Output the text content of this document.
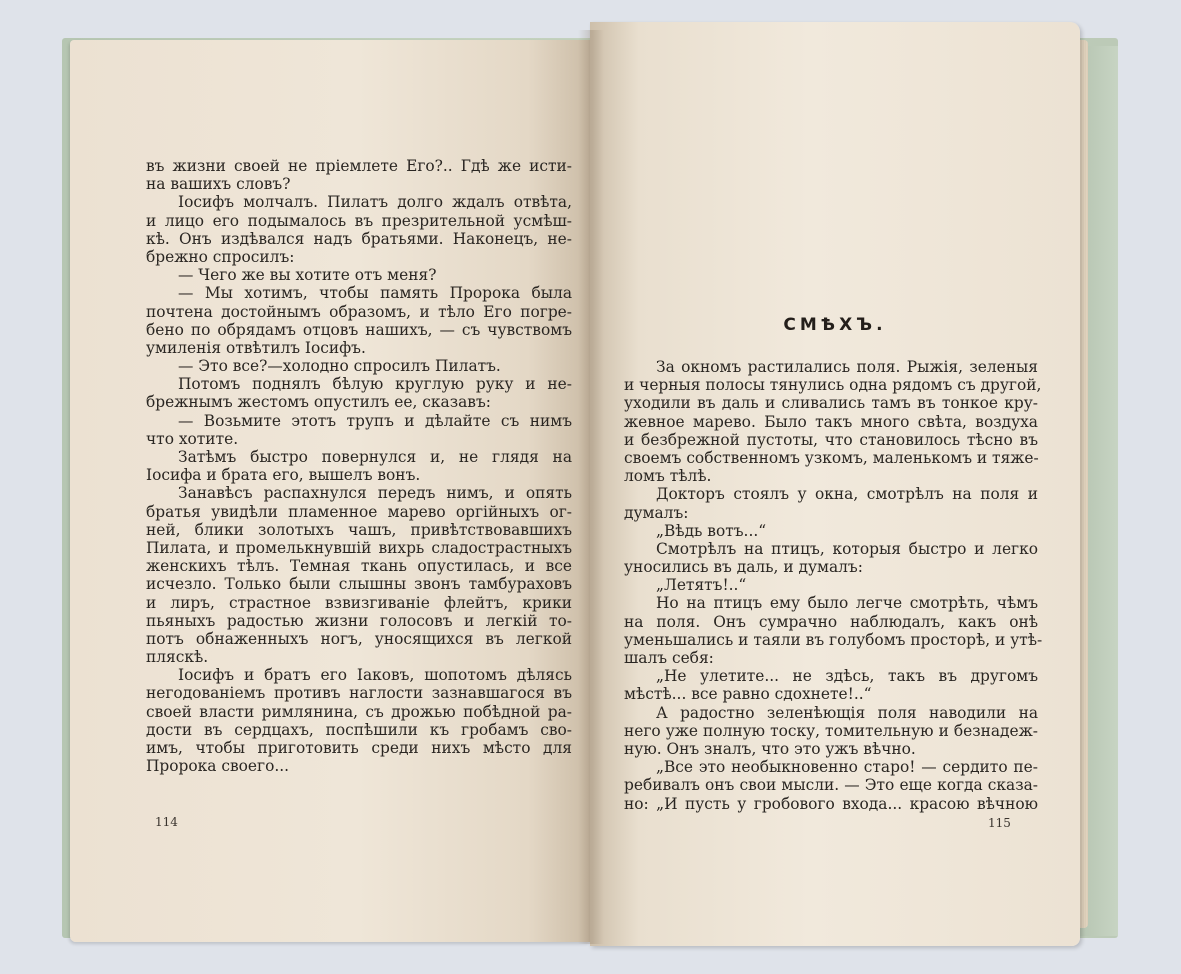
въ жизни своей не пріемлете Его?.. Гдѣ же исти-
на вашихъ словъ?
Іосифъ молчалъ. Пилатъ долго ждалъ отвѣта,
и лицо его подымалось въ презрительной усмѣш-
кѣ. Онъ издѣвался надъ братьями. Наконецъ, не-
брежно спросилъ:
— Чего же вы хотите отъ меня?
— Мы хотимъ, чтобы память Пророка была
почтена достойнымъ образомъ, и тѣло Его погре-
бено по обрядамъ отцовъ нашихъ, — съ чувствомъ
умиленія отвѣтилъ Іосифъ.
— Это все?—холодно спросилъ Пилатъ.
Потомъ поднялъ бѣлую круглую руку и не-
брежнымъ жестомъ опустилъ ее, сказавъ:
— Возьмите этотъ трупъ и дѣлайте съ нимъ
что хотите.
Затѣмъ быстро повернулся и, не глядя на
Іосифа и брата его, вышелъ вонъ.
Занавѣсъ распахнулся передъ нимъ, и опять
братья увидѣли пламенное марево оргійныхъ ог-
ней, блики золотыхъ чашъ, привѣтствовавшихъ
Пилата, и промелькнувшій вихрь сладострастныхъ
женскихъ тѣлъ. Темная ткань опустилась, и все
исчезло. Только были слышны звонъ тамбураховъ
и лиръ, страстное взвизгиваніе флейтъ, крики
пьяныхъ радостью жизни голосовъ и легкій то-
потъ обнаженныхъ ногъ, уносящихся въ легкой
пляскѣ.
Іосифъ и братъ его Іаковъ, шопотомъ дѣлясь
негодованіемъ противъ наглости зазнавшагося въ
своей власти римлянина, съ дрожью побѣдной ра-
дости въ сердцахъ, поспѣшили къ гробамъ сво-
имъ, чтобы приготовить среди нихъ мѣсто для
Пророка своего...
114
СМѢХЪ.
За окномъ растилались поля. Рыжія, зеленыя
и черныя полосы тянулись одна рядомъ съ другой,
уходили въ даль и сливались тамъ въ тонкое кру-
жевное марево. Было такъ много свѣта, воздуха
и безбрежной пустоты, что становилось тѣсно въ
своемъ собственномъ узкомъ, маленькомъ и тяже-
ломъ тѣлѣ.
Докторъ стоялъ у окна, смотрѣлъ на поля и
думалъ:
„Вѣдь вотъ...“
Смотрѣлъ на птицъ, которыя быстро и легко
уносились въ даль, и думалъ:
„Летятъ!..“
Но на птицъ ему было легче смотрѣть, чѣмъ
на поля. Онъ сумрачно наблюдалъ, какъ онѣ
уменьшались и таяли въ голубомъ просторѣ, и утѣ-
шалъ себя:
„Не улетите... не здѣсь, такъ въ другомъ
мѣстѣ... все равно сдохнете!..“
А радостно зеленѣющія поля наводили на
него уже полную тоску, томительную и безнадеж-
ную. Онъ зналъ, что это ужъ вѣчно.
„Все это необыкновенно старо! — сердито пе-
ребивалъ онъ свои мысли. — Это еще когда сказа-
но: „И пусть у гробового входа... красою вѣчною
115
